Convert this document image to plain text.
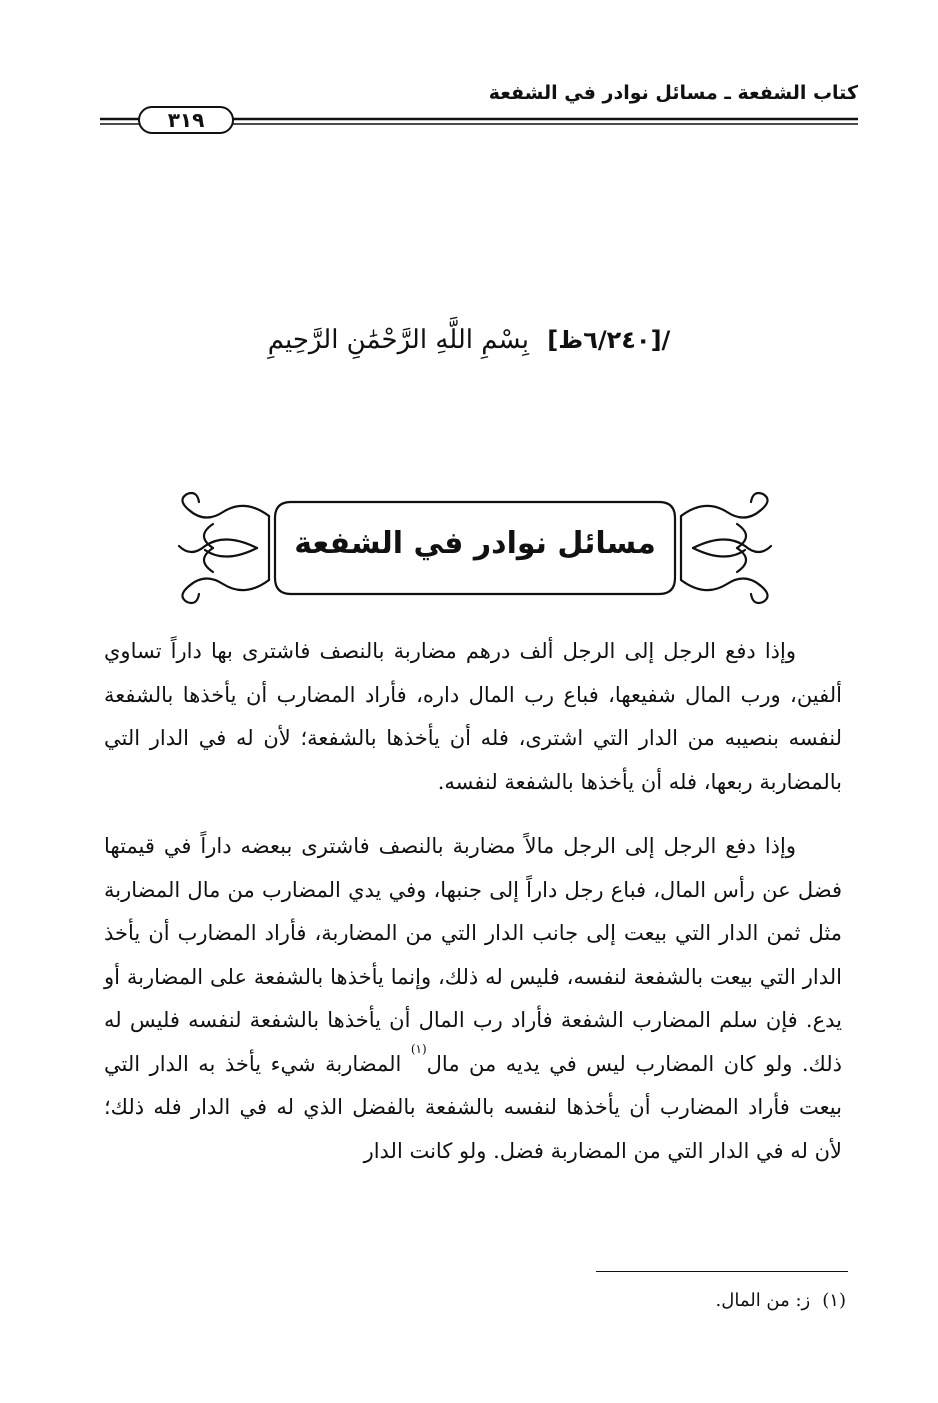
كتاب الشفعة ـ مسائل نوادر في الشفعة
٣١٩
/[٦/٢٤٠ظ] بِسْمِ اللَّهِ الرَّحْمَٰنِ الرَّحِيمِ
مسائل نوادر في الشفعة

وإذا دفع الرجل إلى الرجل ألف درهم مضاربة بالنصف فاشترى بها داراً تساوي ألفين، ورب المال شفيعها، فباع رب المال داره، فأراد المضارب أن يأخذها بالشفعة لنفسه بنصيبه من الدار التي اشترى، فله أن يأخذها بالشفعة؛ لأن له في الدار التي بالمضاربة ربعها، فله أن يأخذها بالشفعة لنفسه.

وإذا دفع الرجل إلى الرجل مالاً مضاربة بالنصف فاشترى ببعضه داراً في قيمتها فضل عن رأس المال، فباع رجل داراً إلى جنبها، وفي يدي المضارب من مال المضاربة مثل ثمن الدار التي بيعت إلى جانب الدار التي من المضاربة، فأراد المضارب أن يأخذ الدار التي بيعت بالشفعة لنفسه، فليس له ذلك، وإنما يأخذها بالشفعة على المضاربة أو يدع. فإن سلم المضارب الشفعة فأراد رب المال أن يأخذها بالشفعة لنفسه فليس له ذلك. ولو كان المضارب ليس في يديه من مال$^{(١)}$ المضاربة شيء يأخذ به الدار التي بيعت فأراد المضارب أن يأخذها لنفسه بالشفعة بالفضل الذي له في الدار فله ذلك؛ لأن له في الدار التي من المضاربة فضل. ولو كانت الدار

(١)ز: من المال.
